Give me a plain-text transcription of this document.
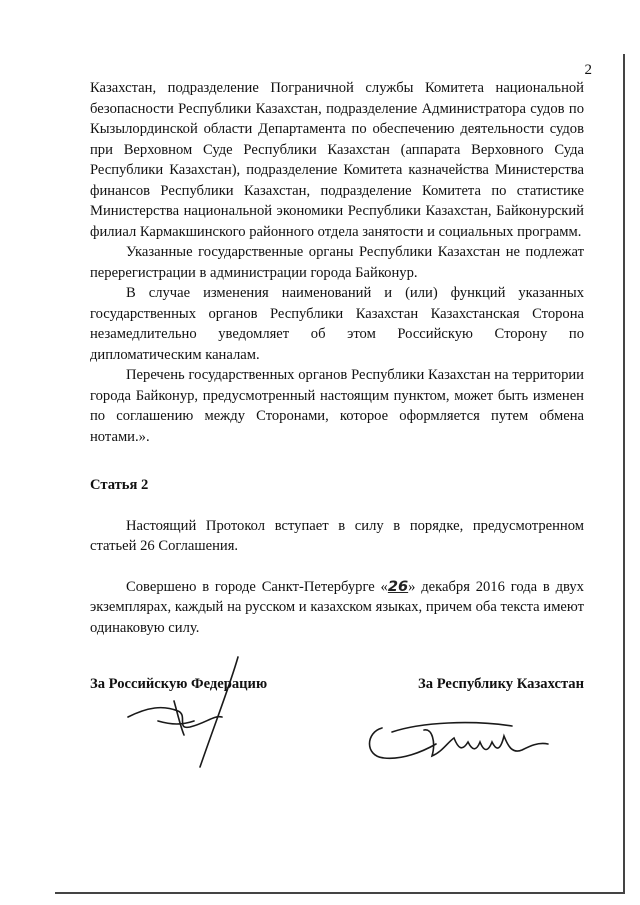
2

Казахстан, подразделение Пограничной службы Комитета национальной безопасности Республики Казахстан, подразделение Администратора судов по Кызылординской области Департамента по обеспечению деятельности судов при Верховном Суде Республики Казахстан (аппарата Верховного Суда Республики Казахстан), подразделение Комитета казначейства Министерства финансов Республики Казахстан, подразделение Комитета по статистике Министерства национальной экономики Республики Казахстан, Байконурский филиал Кармакшинского районного отдела занятости и социальных программ.

Указанные государственные органы Республики Казахстан не подлежат перерегистрации в администрации города Байконур.

В случае изменения наименований и (или) функций указанных государственных органов Республики Казахстан Казахстанская Сторона незамедлительно уведомляет об этом Российскую Сторону по дипломатическим каналам.

Перечень государственных органов Республики Казахстан на территории города Байконур, предусмотренный настоящим пунктом, может быть изменен по соглашению между Сторонами, которое оформляется путем обмена нотами.».

Статья 2

Настоящий Протокол вступает в силу в порядке, предусмотренном статьей 26 Соглашения.

Совершено в городе Санкт-Петербурге «26» декабря 2016 года в двух экземплярах, каждый на русском и казахском языках, причем оба текста имеют одинаковую силу.

За Российскую Федерацию	За Республику Казахстан
